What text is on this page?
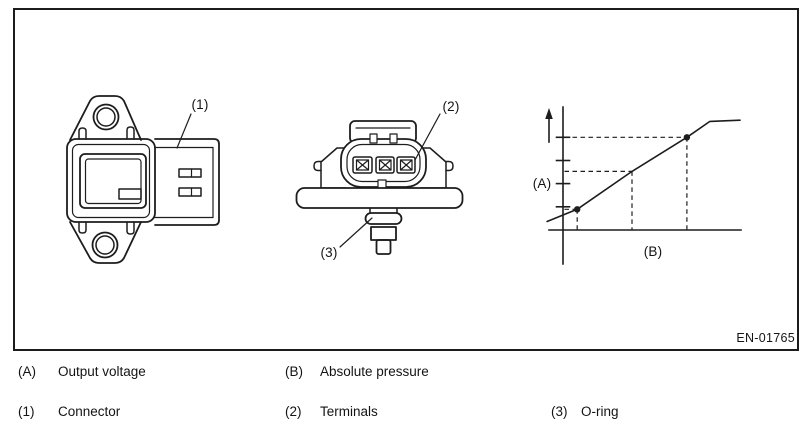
(1)	(2)
(3)
(A)
(B)
EN-01765
(A) Output voltage	(B) Absolute pressure
(1) Connector	(2) Terminals	(3) O-ring
